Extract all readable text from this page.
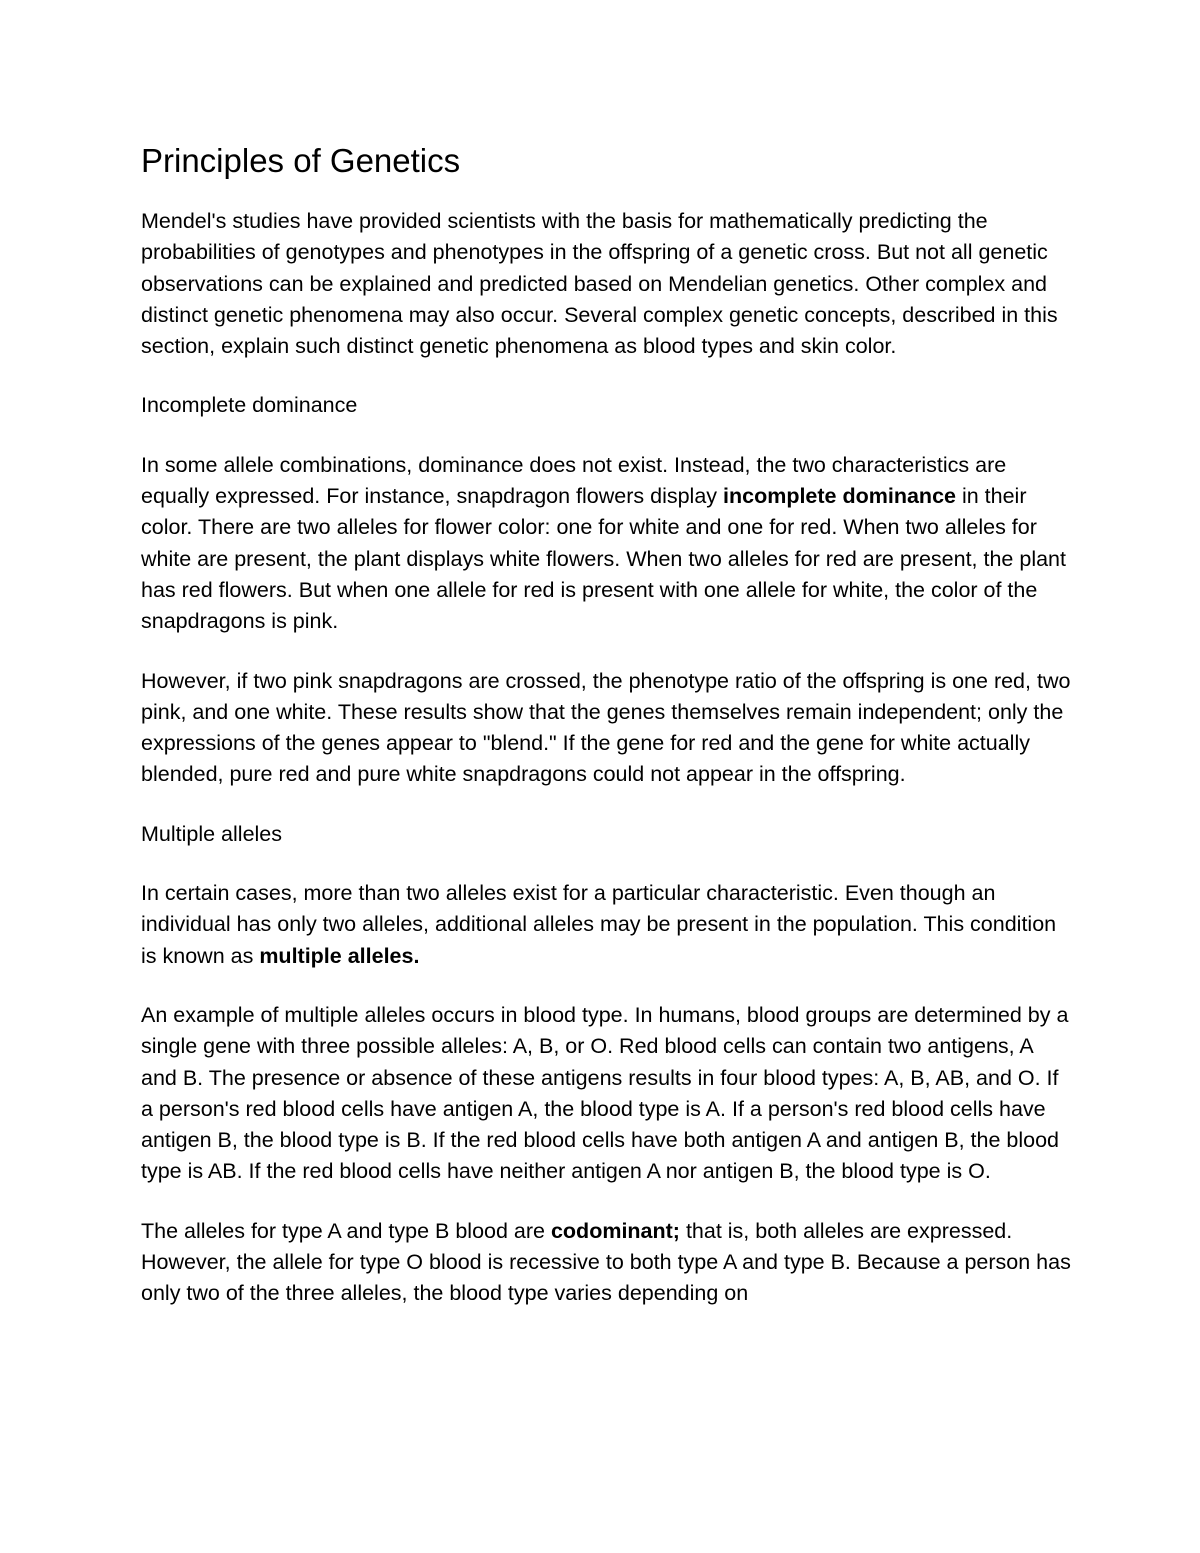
Principles of Genetics

Mendel's studies have provided scientists with the basis for mathematically predicting the probabilities of genotypes and phenotypes in the offspring of a genetic cross. But not all genetic observations can be explained and predicted based on Mendelian genetics. Other complex and distinct genetic phenomena may also occur. Several complex genetic concepts, described in this section, explain such distinct genetic phenomena as blood types and skin color.

Incomplete dominance

In some allele combinations, dominance does not exist. Instead, the two characteristics are equally expressed. For instance, snapdragon flowers display incomplete dominance in their color. There are two alleles for flower color: one for white and one for red. When two alleles for white are present, the plant displays white flowers. When two alleles for red are present, the plant has red flowers. But when one allele for red is present with one allele for white, the color of the snapdragons is pink.

However, if two pink snapdragons are crossed, the phenotype ratio of the offspring is one red, two pink, and one white. These results show that the genes themselves remain independent; only the expressions of the genes appear to "blend." If the gene for red and the gene for white actually blended, pure red and pure white snapdragons could not appear in the offspring.

Multiple alleles

In certain cases, more than two alleles exist for a particular characteristic. Even though an individual has only two alleles, additional alleles may be present in the population. This condition is known as multiple alleles.

An example of multiple alleles occurs in blood type. In humans, blood groups are determined by a single gene with three possible alleles: A, B, or O. Red blood cells can contain two antigens, A and B. The presence or absence of these antigens results in four blood types: A, B, AB, and O. If a person's red blood cells have antigen A, the blood type is A. If a person's red blood cells have antigen B, the blood type is B. If the red blood cells have both antigen A and antigen B, the blood type is AB. If the red blood cells have neither antigen A nor antigen B, the blood type is O.

The alleles for type A and type B blood are codominant; that is, both alleles are expressed. However, the allele for type O blood is recessive to both type A and type B. Because a person has only two of the three alleles, the blood type varies depending on
